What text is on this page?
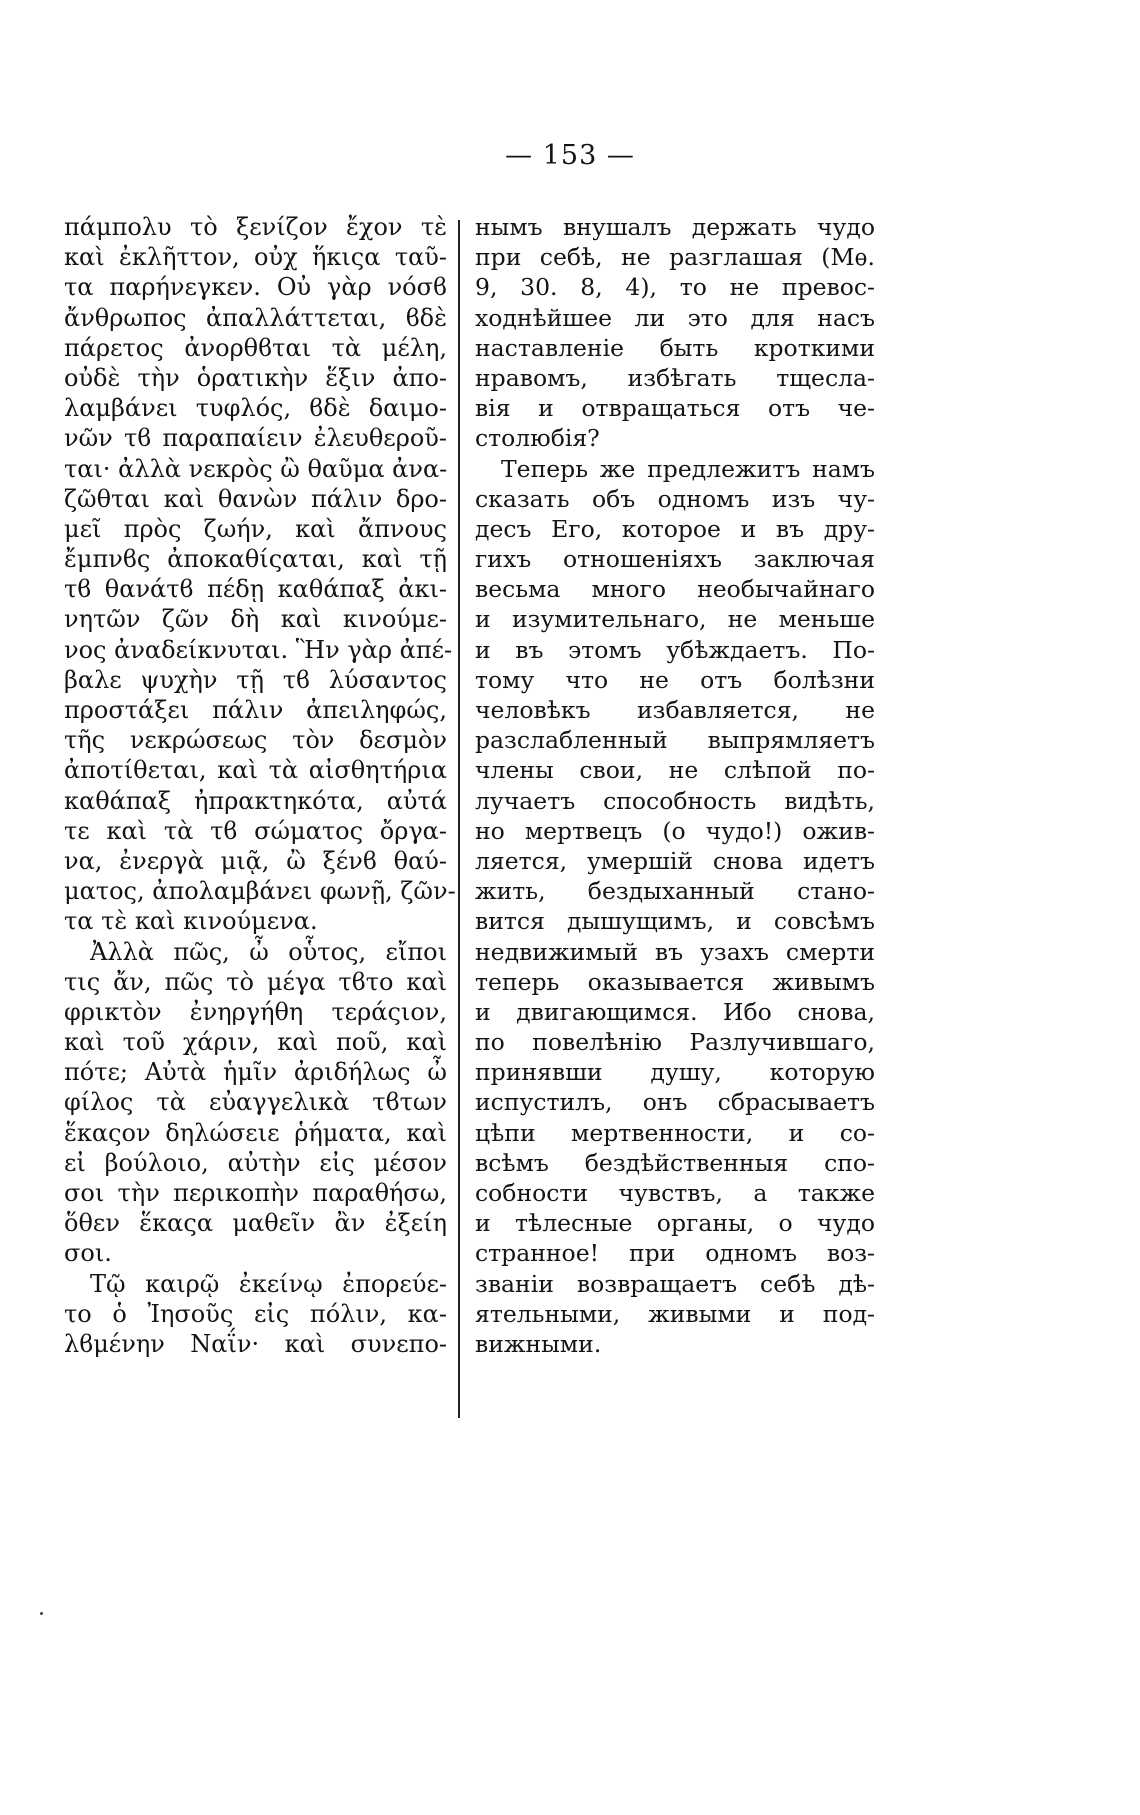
— 153 —
πάμπολυ τὸ ξενίζον ἔχον τὲ
καὶ ἐκλῆττον, οὐχ ἥκιςα ταῦ-
τα παρήνεγκεν. Οὐ γὰρ νόσϐ
ἄνθρωπος ἀπαλλάττεται, ϐδὲ
πάρετος ἀνορθϐται τὰ μέλη,
οὐδὲ τὴν ὁρατικὴν ἕξιν ἀπο-
λαμβάνει τυφλός, ϐδὲ δαιμο-
νῶν τϐ παραπαίειν ἐλευθεροῦ-
ται· ἀλλὰ νεκρὸς ὢ θαῦμα ἀνα-
ζῶθται καὶ θανὼν πάλιν δρο-
μεῖ πρὸς ζωήν, καὶ ἄπνους
ἔμπνϐς ἀποκαθίςαται, καὶ τῇ
τϐ θανάτϐ πέδῃ καθάπαξ ἀκι-
νητῶν ζῶν δὴ καὶ κινούμε-
νος ἀναδείκνυται. Ἣν γὰρ ἀπέ-
βαλε ψυχὴν τῇ τϐ λύσαντος
προστάξει πάλιν ἀπειληφώς,
τῆς νεκρώσεως τὸν δεσμὸν
ἀποτίθεται, καὶ τὰ αἰσθητήρια
καθάπαξ ἠπρακτηκότα, αὐτά
τε καὶ τὰ τϐ σώματος ὄργα-
να, ἐνεργὰ μιᾷ, ὢ ξένϐ θαύ-
ματος, ἀπολαμβάνει φωνῇ, ζῶν-
τα τὲ καὶ κινούμενα.
Ἀλλὰ πῶς, ὦ οὗτος, εἴποι
τις ἄν, πῶς τὸ μέγα τϐτο καὶ
φρικτὸν ἐνηργήθη τεράςιον,
καὶ τοῦ χάριν, καὶ ποῦ, καὶ
πότε; Αὐτὰ ἡμῖν ἀριδήλως ὦ
φίλος τὰ εὐαγγελικὰ τϐτων
ἕκαςον δηλώσειε ῥήματα, καὶ
εἰ βούλοιο, αὐτὴν εἰς μέσον
σοι τὴν περικοπὴν παραθήσω,
ὅθεν ἕκαςα μαθεῖν ἂν ἐξείη
σοι.
Τῷ καιρῷ ἐκείνῳ ἐπορεύε-
το ὁ Ἰησοῦς εἰς πόλιν, κα-
λϐμένην Ναΐν· καὶ συνεπο-
нымъ внушалъ держать чудо
при себѣ, не разглашая (Мѳ.
9, 30. 8, 4), то не превос-
ходнѣйшее ли это для насъ
наставленіе быть кроткими
нравомъ, избѣгать тщесла-
вія и отвращаться отъ че-
столюбія?
Теперь же предлежитъ намъ
сказать объ одномъ изъ чу-
десъ Его, которое и въ дру-
гихъ отношеніяхъ заключая
весьма много необычайнаго
и изумительнаго, не меньше
и въ этомъ убѣждаетъ. По-
тому что не отъ болѣзни
человѣкъ избавляется, не
разслабленный выпрямляетъ
члены свои, не слѣпой по-
лучаетъ способность видѣть,
но мертвецъ (о чудо!) ожив-
ляется, умершій снова идетъ
жить, бездыханный стано-
вится дышущимъ, и совсѣмъ
недвижимый въ узахъ смерти
теперь оказывается живымъ
и двигающимся. Ибо снова,
по повелѣнію Разлучившаго,
принявши душу, которую
испустилъ, онъ сбрасываетъ
цѣпи мертвенности, и со-
всѣмъ бездѣйственныя спо-
собности чувствъ, а также
и тѣлесные органы, о чудо
странное! при одномъ воз-
званіи возвращаетъ себѣ дѣ-
ятельными, живыми и под-
вижными.
